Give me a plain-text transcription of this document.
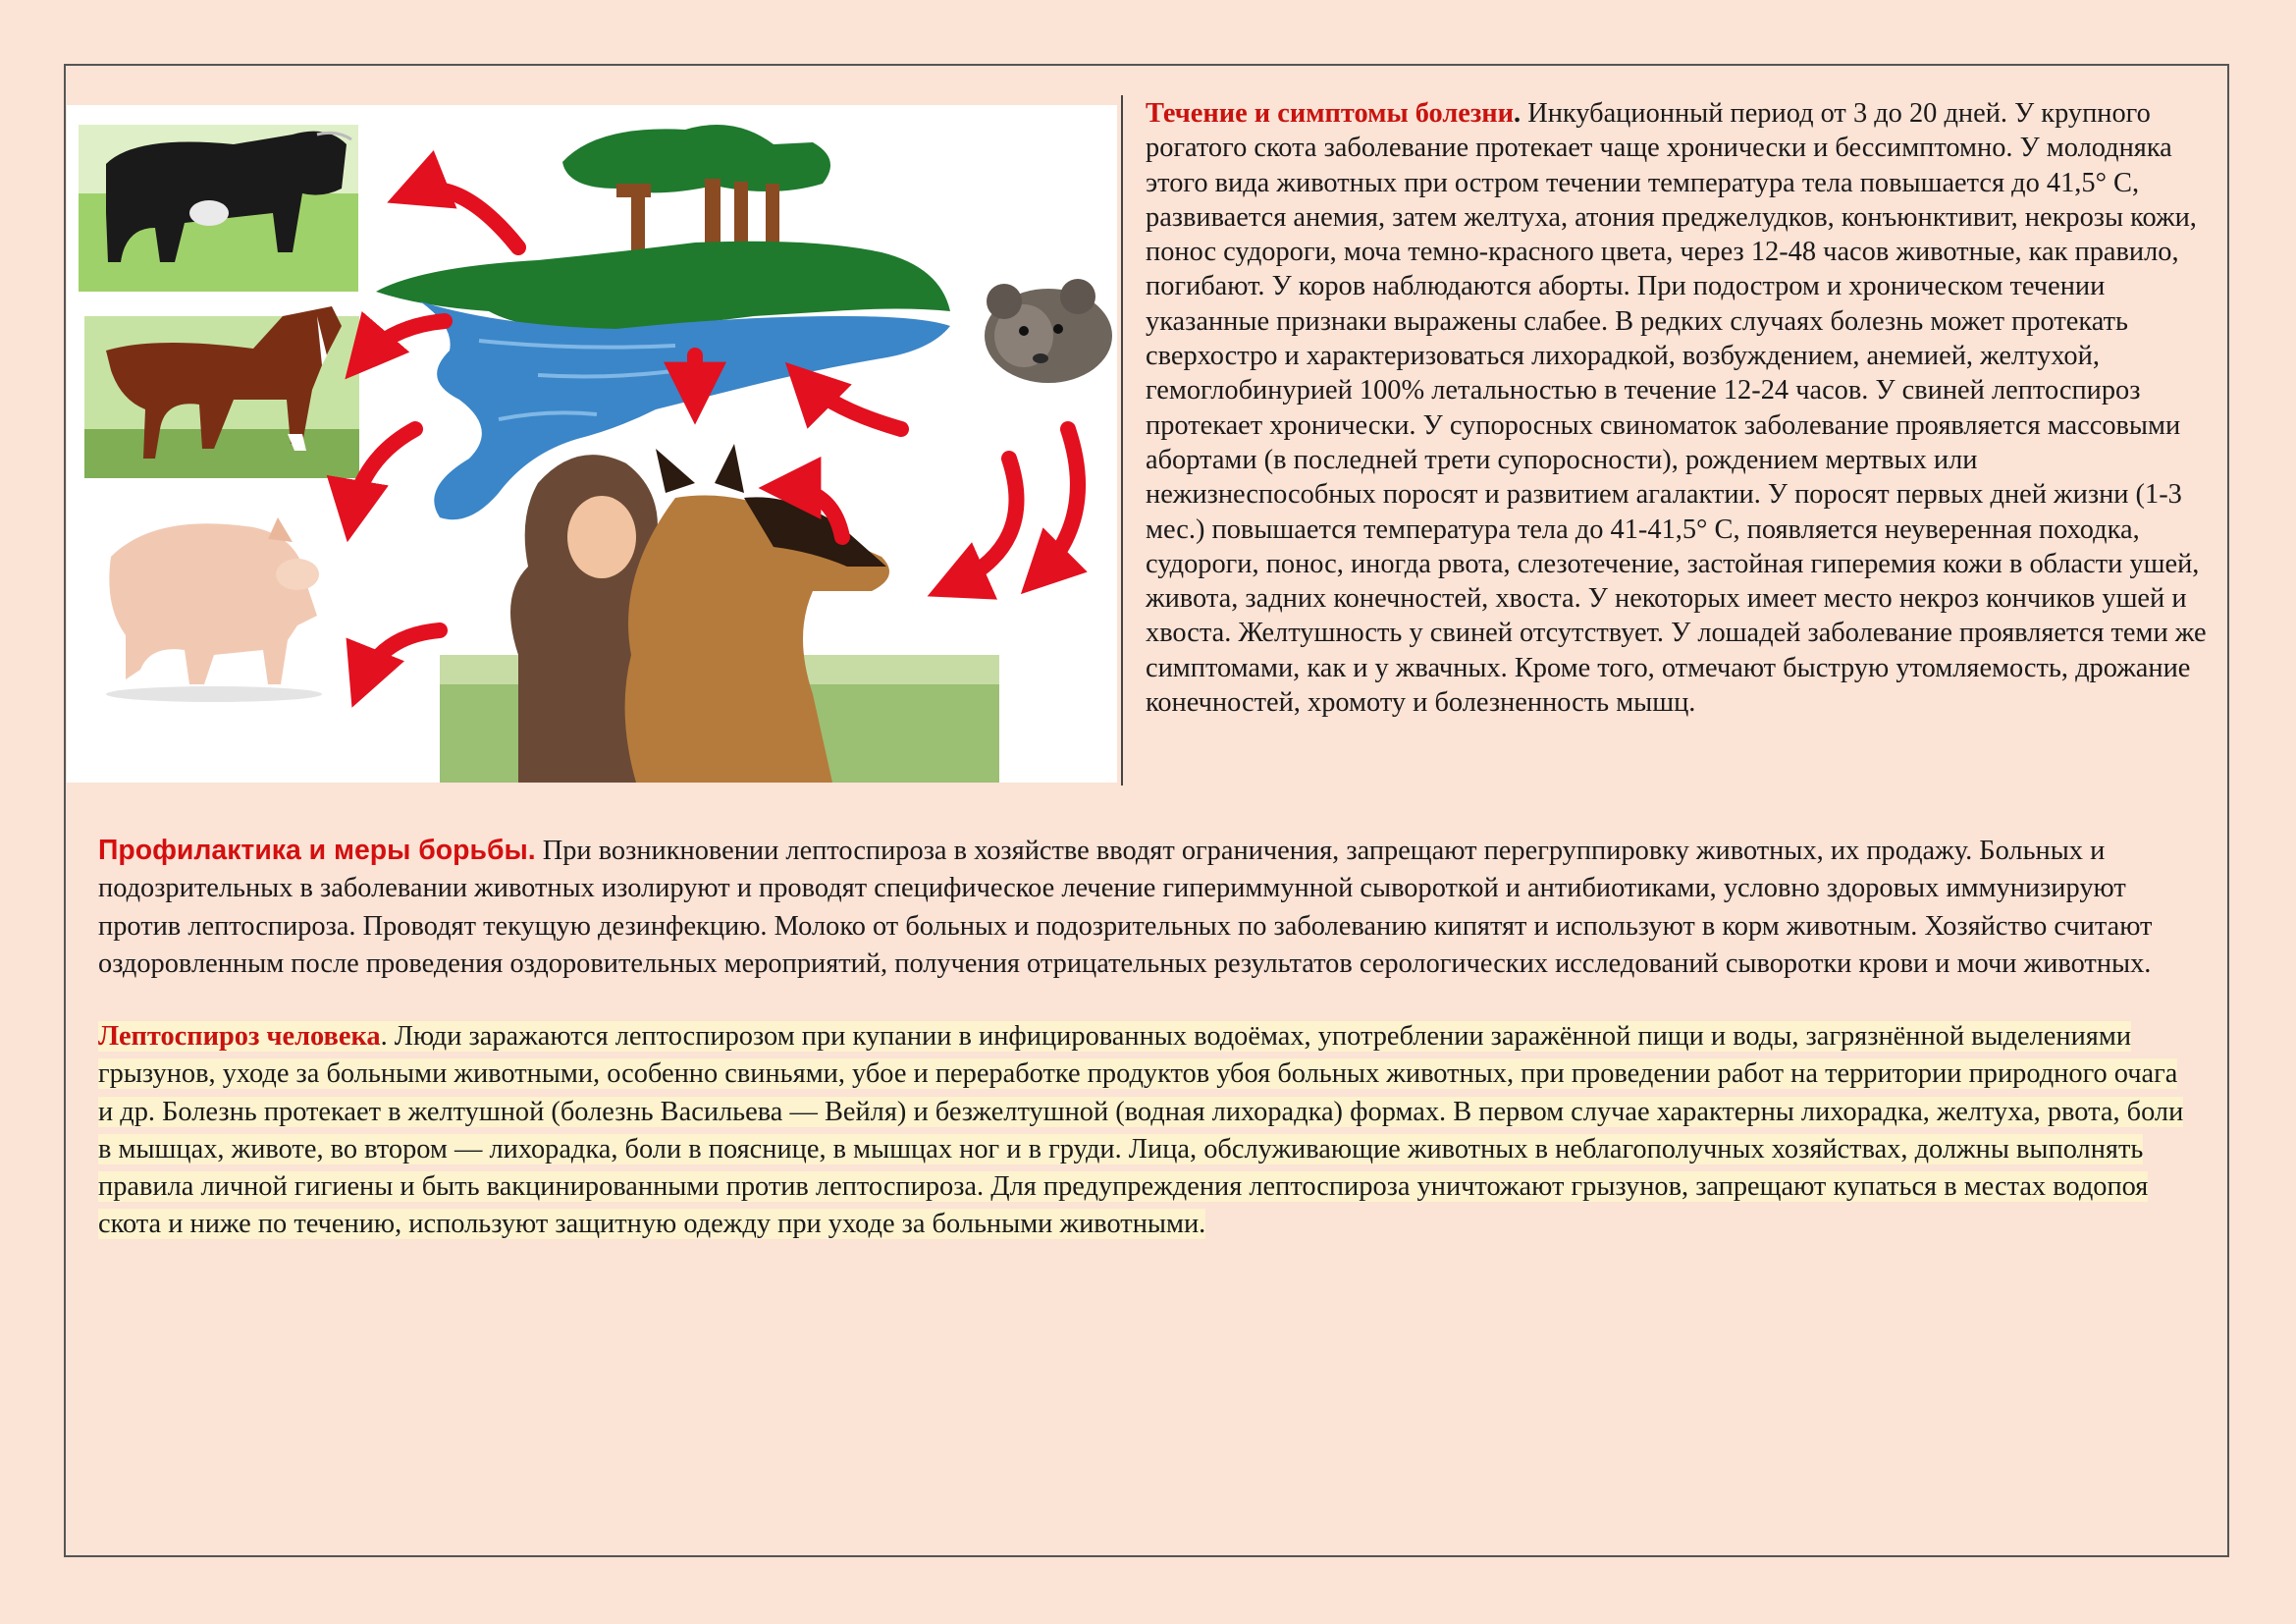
Течение и симптомы болезни. Инкубационный период от 3 до 20 дней. У крупного рогатого скота заболевание протекает чаще хронически и бессимптомно. У молодняка этого вида животных при остром течении температура тела повышается до 41,5° С, развивается анемия, затем желтуха, атония преджелудков, конъюнктивит, некрозы кожи, понос судороги, моча темно-красного цвета, через 12-48 часов животные, как правило, погибают. У коров наблюдаются аборты. При подостром и хроническом течении указанные признаки выражены слабее. В редких случаях болезнь может протекать сверхостро и характеризоваться лихорадкой, возбуждением, анемией, желтухой, гемоглобинурией 100% летальностью в течение 12-24 часов. У свиней лептоспироз протекает хронически. У супоросных свиноматок заболевание проявляется массовыми абортами (в последней трети супоросности), рождением мертвых или нежизнеспособных поросят и развитием агалактии. У поросят первых дней жизни (1-3 мес.) повышается температура тела до 41-41,5° С, появляется неуверенная походка, судороги, понос, иногда рвота, слезотечение, застойная гиперемия кожи в области ушей, живота, задних конечностей, хвоста. У некоторых имеет место некроз кончиков ушей и хвоста. Желтушность у свиней отсутствует. У лошадей заболевание проявляется теми же симптомами, как и у жвачных. Кроме того, отмечают быструю утомляемость, дрожание конечностей, хромоту и болезненность мышц.

Профилактика и меры борьбы. При возникновении лептоспироза в хозяйстве вводят ограничения, запрещают перегруппировку животных, их продажу. Больных и подозрительных в заболевании животных изолируют и проводят специфическое лечение гипериммунной сывороткой и антибиотиками, условно здоровых иммунизируют против лептоспироза. Проводят текущую дезинфекцию. Молоко от больных и подозрительных по заболеванию кипятят и используют в корм животным. Хозяйство считают оздоровленным после проведения оздоровительных мероприятий, получения отрицательных результатов серологических исследований сыворотки крови и мочи животных.

Лептоспироз человека. Люди заражаются лептоспирозом при купании в инфицированных водоёмах, употреблении заражённой пищи и воды, загрязнённой выделениями грызунов, уходе за больными животными, особенно свиньями, убое и переработке продуктов убоя больных животных, при проведении работ на территории природного очага и др. Болезнь протекает в желтушной (болезнь Васильева — Вейля) и безжелтушной (водная лихорадка) формах. В первом случае характерны лихорадка, желтуха, рвота, боли в мышцах, животе, во втором — лихорадка, боли в пояснице, в мышцах ног и в груди. Лица, обслуживающие животных в неблагополучных хозяйствах, должны выполнять правила личной гигиены и быть вакцинированными против лептоспироза. Для предупреждения лептоспироза уничтожают грызунов, запрещают купаться в местах водопоя скота и ниже по течению, используют защитную одежду при уходе за больными животными.
